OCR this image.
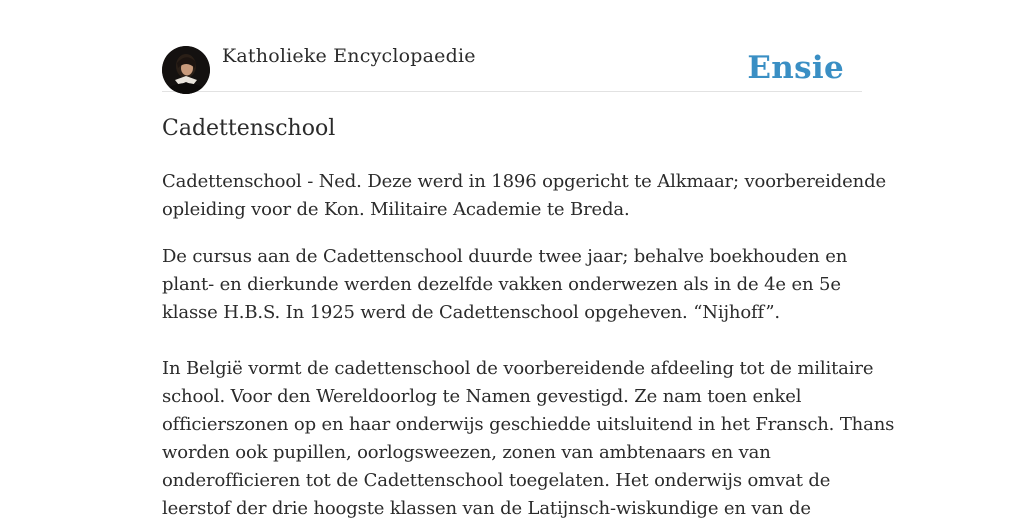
Katholieke Encyclopaedie	Ensie
Cadettenschool

Cadettenschool - Ned. Deze werd in 1896 opgericht te Alkmaar; voorbereidende
opleiding voor de Kon. Militaire Academie te Breda.

De cursus aan de Cadettenschool duurde twee jaar; behalve boekhouden en
plant- en dierkunde werden dezelfde vakken onderwezen als in de 4e en 5e
klasse H.B.S. In 1925 werd de Cadettenschool opgeheven. “Nijhoff”.

In België vormt de cadettenschool de voorbereidende afdeeling tot de militaire
school. Voor den Wereldoorlog te Namen gevestigd. Ze nam toen enkel
officierszonen op en haar onderwijs geschiedde uitsluitend in het Fransch. Thans
worden ook pupillen, oorlogsweezen, zonen van ambtenaars en van
onderofficieren tot de Cadettenschool toegelaten. Het onderwijs omvat de
leerstof der drie hoogste klassen van de Latijnsch-wiskundige en van de
